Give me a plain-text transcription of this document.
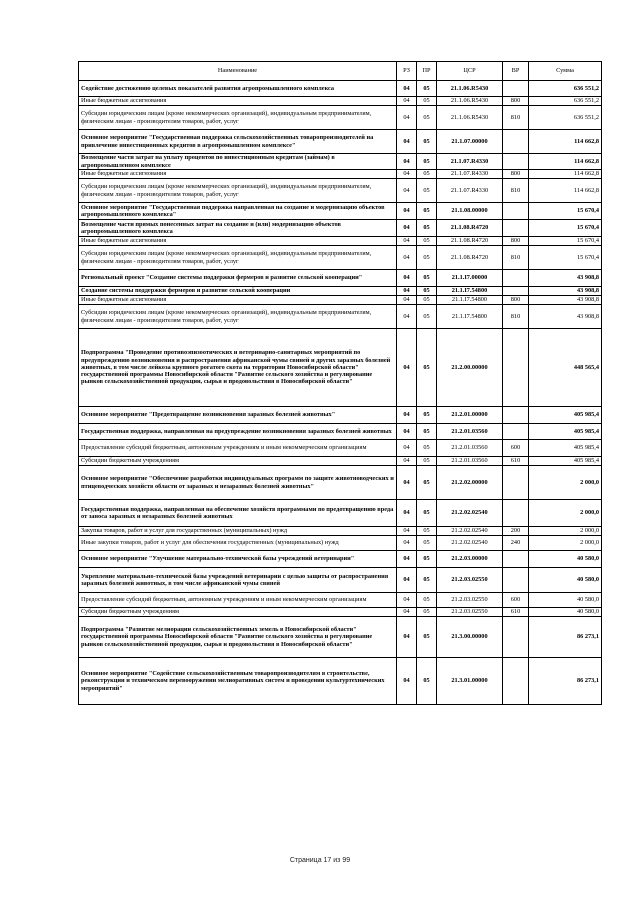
Наименование	РЗ	ПР	ЦСР	ВР	Сумма
Содействие достижению целевых показателей развития агропромышленного комплекса	04	05	21.1.06.R5430		636 551,2
Иные бюджетные ассигнования	04	05	21.1.06.R5430	800	636 551,2
Субсидии юридическим лицам (кроме некоммерческих организаций), индивидуальным предпринимателям, физическим лицам - производителям товаров, работ, услуг	04	05	21.1.06.R5430	810	636 551,2
Основное мероприятие "Государственная поддержка сельскохозяйственных товаропроизводителей на привлечение инвестиционных кредитов в агропромышленном комплексе"	04	05	21.1.07.00000		114 662,8
Возмещение части затрат на уплату процентов по инвестиционным кредитам (займам) в агропромышленном комплексе	04	05	21.1.07.R4330		114 662,8
Иные бюджетные ассигнования	04	05	21.1.07.R4330	800	114 662,8
Субсидии юридическим лицам (кроме некоммерческих организаций), индивидуальным предпринимателям, физическим лицам - производителям товаров, работ, услуг	04	05	21.1.07.R4330	810	114 662,8
Основное мероприятие "Государственная поддержка направленная на создание и модернизацию объектов агропромышленного комплекса"	04	05	21.1.08.00000		15 670,4
Возмещение части прямых понесенных затрат на создание и (или) модернизацию объектов агропромышленного комплекса	04	05	21.1.08.R4720		15 670,4
Иные бюджетные ассигнования	04	05	21.1.08.R4720	800	15 670,4
Субсидии юридическим лицам (кроме некоммерческих организаций), индивидуальным предпринимателям, физическим лицам - производителям товаров, работ, услуг	04	05	21.1.08.R4720	810	15 670,4
Региональный проект "Создание системы поддержки фермеров и развитие сельской кооперации"	04	05	21.1.I7.00000		43 908,8
Создание системы поддержки фермеров и развитие сельской кооперации	04	05	21.1.I7.54800		43 908,8
Иные бюджетные ассигнования	04	05	21.1.I7.54800	800	43 908,8
Субсидии юридическим лицам (кроме некоммерческих организаций), индивидуальным предпринимателям, физическим лицам - производителям товаров, работ, услуг	04	05	21.1.I7.54800	810	43 908,8
Подпрограмма "Проведение противоэпизоотических и ветеринарно-санитарных мероприятий по предупреждению возникновения и распространения африканской чумы свиней и других заразных болезней животных, в том числе лейкоза крупного рогатого скота на территории Новосибирской области" государственной программы Новосибирской области "Развитие сельского хозяйства и регулирование рынков сельскохозяйственной продукции, сырья и продовольствия в Новосибирской области"	04	05	21.2.00.00000		448 565,4
Основное мероприятие "Предотвращение возникновения заразных болезней животных"	04	05	21.2.01.00000		405 985,4
Государственная поддержка, направленная на предупреждение возникновения заразных болезней животных	04	05	21.2.01.03560		405 985,4
Предоставление субсидий бюджетным, автономным учреждениям и иным некоммерческим организациям	04	05	21.2.01.03560	600	405 985,4
Субсидии бюджетным учреждениям	04	05	21.2.01.03560	610	405 985,4
Основное мероприятие "Обеспечение разработки индивидуальных программ по защите животноводческих и птицеводческих хозяйств области от заразных и незаразных болезней животных"	04	05	21.2.02.00000		2 000,0
Государственная поддержка, направленная на обеспечение хозяйств программами по предотвращению вреда от заноса заразных и незаразных болезней животных	04	05	21.2.02.02540		2 000,0
Закупка товаров, работ и услуг для государственных (муниципальных) нужд	04	05	21.2.02.02540	200	2 000,0
Иные закупки товаров, работ и услуг для обеспечения государственных (муниципальных) нужд	04	05	21.2.02.02540	240	2 000,0
Основное мероприятие "Улучшение материально-технической базы учреждений ветеринарии"	04	05	21.2.03.00000		40 580,0
Укрепление материально-технической базы учреждений ветеринарии с целью защиты от распространения заразных болезней животных, в том числе африканской чумы свиней	04	05	21.2.03.02550		40 580,0
Предоставление субсидий бюджетным, автономным учреждениям и иным некоммерческим организациям	04	05	21.2.03.02550	600	40 580,0
Субсидии бюджетным учреждениям	04	05	21.2.03.02550	610	40 580,0
Подпрограмма "Развитие мелиорации сельскохозяйственных земель в Новосибирской области" государственной программы Новосибирской области "Развитие сельского хозяйства и регулирование рынков сельскохозяйственной продукции, сырья и продовольствия в Новосибирской области"	04	05	21.3.00.00000		86 273,1
Основное мероприятие "Содействие сельскохозяйственным товаропроизводителям в строительстве, реконструкции и техническом перевооружении мелиоративных систем и проведении культуртехнических мероприятий"	04	05	21.3.01.00000		86 273,1
Страница 17 из 99
